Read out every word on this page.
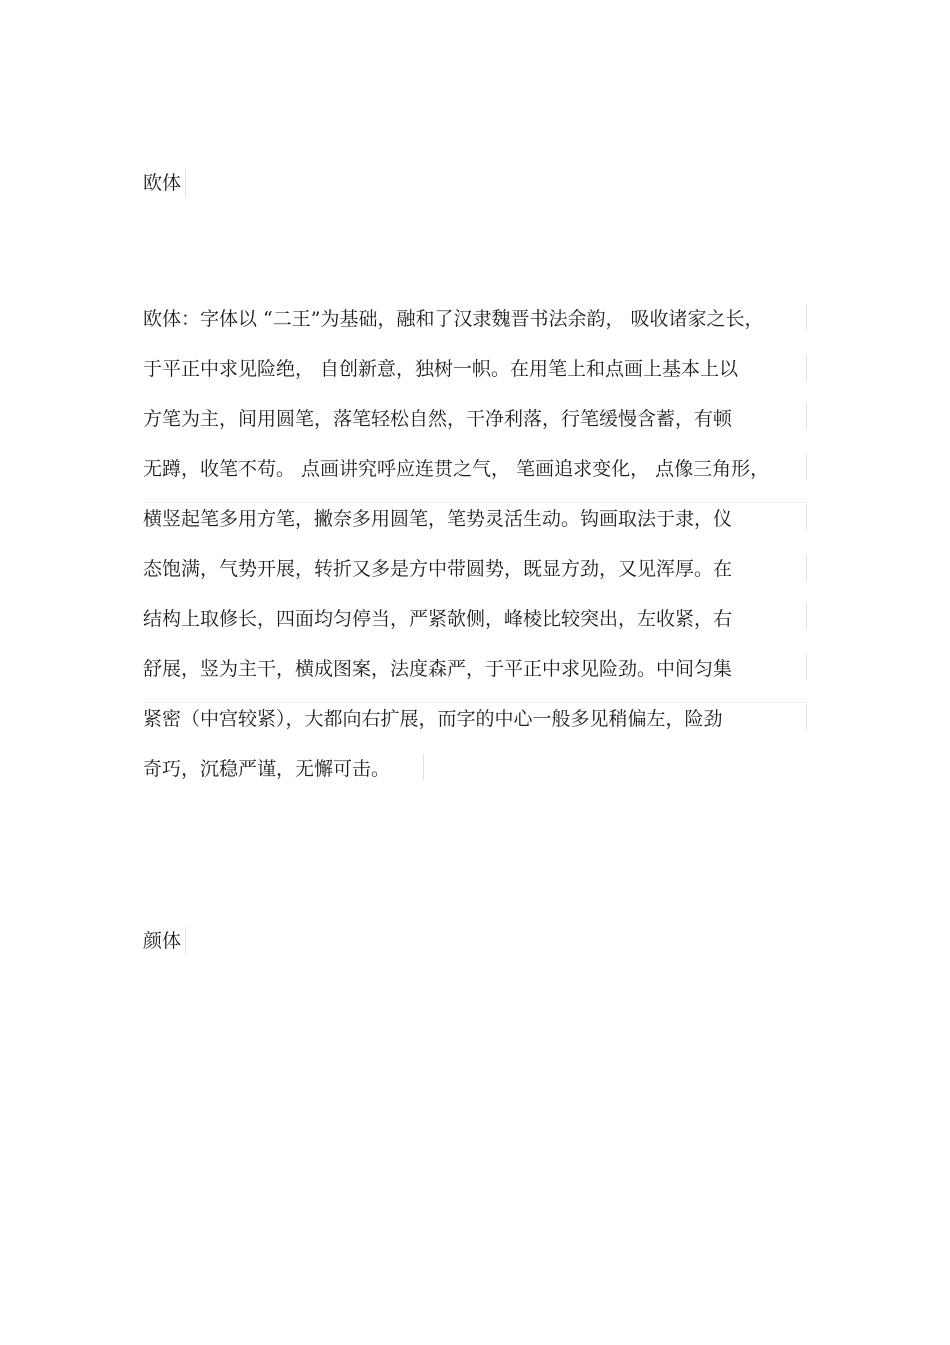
欧体
欧体：字体以 “二王”为基础，融和了汉隶魏晋书法余韵， 吸收诸家之长，
于平正中求见险绝， 自创新意，独树一帜。在用笔上和点画上基本上以
方笔为主，间用圆笔，落笔轻松自然，干净利落，行笔缓慢含蓄，有顿
无蹲，收笔不苟。 点画讲究呼应连贯之气， 笔画追求变化， 点像三角形，
横竖起笔多用方笔，撇奈多用圆笔，笔势灵活生动。钩画取法于隶，仪
态饱满，气势开展，转折又多是方中带圆势，既显方劲，又见浑厚。在
结构上取修长，四面均匀停当，严紧欹侧，峰棱比较突出，左收紧，右
舒展，竖为主干，横成图案，法度森严，于平正中求见险劲。中间匀集
紧密（中宫较紧），大都向右扩展，而字的中心一般多见稍偏左，险劲
奇巧，沉稳严谨，无懈可击。
颜体
